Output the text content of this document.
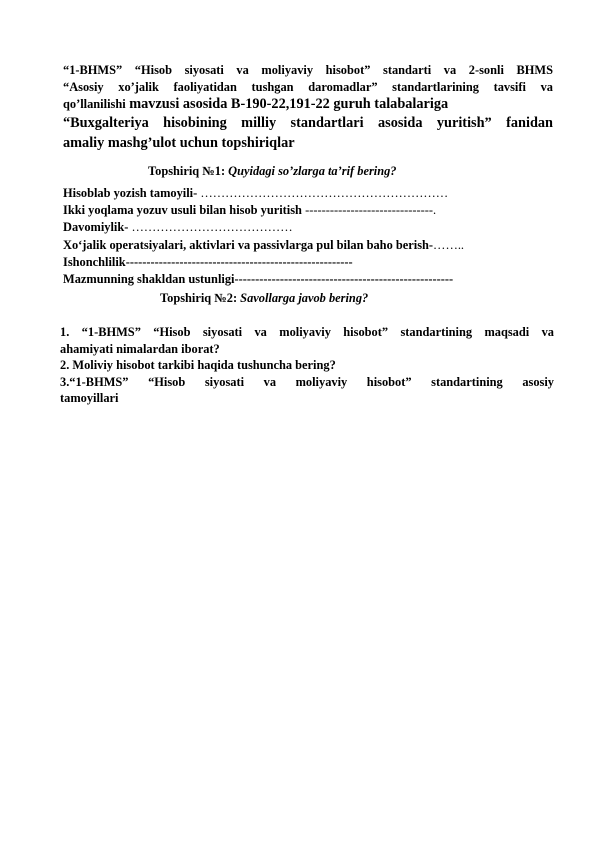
“1-BHMS” “Hisob siyosati va moliyaviy hisobot” standarti va 2-sonli BHMS
“Asosiy xo’jalik faoliyatidan tushgan daromadlar” standartlarining tavsifi va
qo’llanilishi mavzusi asosida B-190-22,191-22 guruh talabalariga
“Buxgalteriya hisobining milliy standartlari asosida yuritish” fanidan
amaliy mashg’ulot uchun topshiriqlar
Topshiriq №1: Quyidagi so’zlarga ta’rif bering?
Hisoblab yozish tamoyili- ……………………………………………………
Ikki yoqlama yozuv usuli bilan hisob yuritish -------------------------------.
Davomiylik- …………………………………
Xo‘jalik operatsiyalari, aktivlari va passivlarga pul bilan baho berish-……..
Ishonchlilik-------------------------------------------------------
Mazmunning shakldan ustunligi-----------------------------------------------------
Topshiriq №2: Savollarga javob bering?
1. “1-BHMS” “Hisob siyosati va moliyaviy hisobot” standartining maqsadi va
ahamiyati nimalardan iborat?
2. Moliviy hisobot tarkibi haqida tushuncha bering?
3.“1-BHMS” “Hisob siyosati va moliyaviy hisobot” standartining asosiy
tamoyillari
